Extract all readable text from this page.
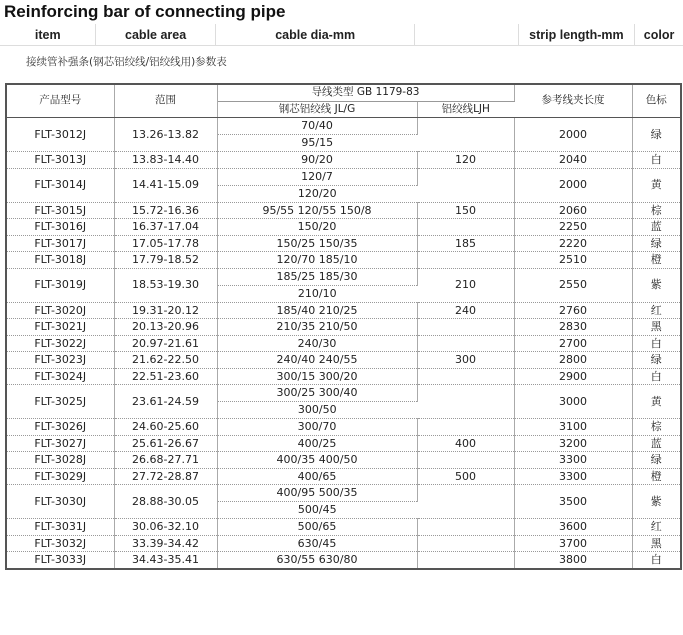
Reinforcing bar of connecting pipe
item	cable area	cable dia-mm		strip length-mm	color
接续管补强条(钢芯铝绞线/铝绞线用)参数表
产品型号	范围	导线类型 GB 1179-83		参考线夹长度	色标
		钢芯铝绞线 JL/G	铝绞线LJH		
FLT-3012J	13.26-13.82	70/40		2000	绿
		95/15			
FLT-3013J	13.83-14.40	90/20	120	2040	白
FLT-3014J	14.41-15.09	120/7		2000	黄
		120/20			
FLT-3015J	15.72-16.36	95/55 120/55 150/8	150	2060	棕
FLT-3016J	16.37-17.04	150/20		2250	蓝
FLT-3017J	17.05-17.78	150/25 150/35	185	2220	绿
FLT-3018J	17.79-18.52	120/70 185/10		2510	橙
FLT-3019J	18.53-19.30	185/25 185/30	210	2550	紫
		210/10			
FLT-3020J	19.31-20.12	185/40 210/25	240	2760	红
FLT-3021J	20.13-20.96	210/35 210/50		2830	黑
FLT-3022J	20.97-21.61	240/30		2700	白
FLT-3023J	21.62-22.50	240/40 240/55	300	2800	绿
FLT-3024J	22.51-23.60	300/15 300/20		2900	白
FLT-3025J	23.61-24.59	300/25 300/40		3000	黄
		300/50			
FLT-3026J	24.60-25.60	300/70		3100	棕
FLT-3027J	25.61-26.67	400/25	400	3200	蓝
FLT-3028J	26.68-27.71	400/35 400/50		3300	绿
FLT-3029J	27.72-28.87	400/65	500	3300	橙
FLT-3030J	28.88-30.05	400/95 500/35		3500	紫
		500/45			
FLT-3031J	30.06-32.10	500/65		3600	红
FLT-3032J	33.39-34.42	630/45		3700	黑
FLT-3033J	34.43-35.41	630/55 630/80		3800	白
